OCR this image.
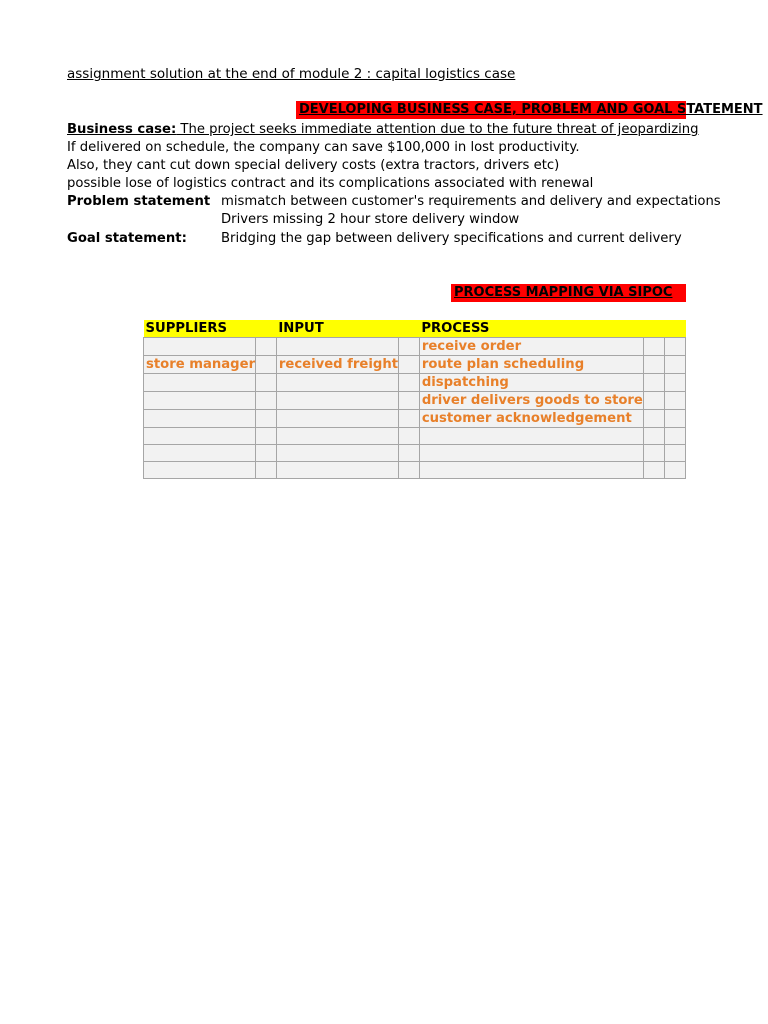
assignment solution at the end of module 2 : capital logistics case
DEVELOPING BUSINESS CASE, PROBLEM AND GOAL STATEMENT
Business case: The project seeks immediate attention due to the future threat of jeopardizing
If delivered on schedule, the company can save $100,000 in lost productivity.
Also, they cant cut down special delivery costs (extra tractors, drivers etc)
possible lose of logistics contract and its complications associated with renewal
Problem statement mismatch between customer's requirements and delivery and expectations
Drivers missing 2 hour store delivery window
Goal statement:	Bridging the gap between delivery specifications and current delivery
PROCESS MAPPING VIA SIPOC
SUPPLIERS		INPUT		PROCESS		
				receive order		
store manager		received freight		route plan scheduling		
				dispatching		
				driver delivers goods to store		
				customer acknowledgement		
